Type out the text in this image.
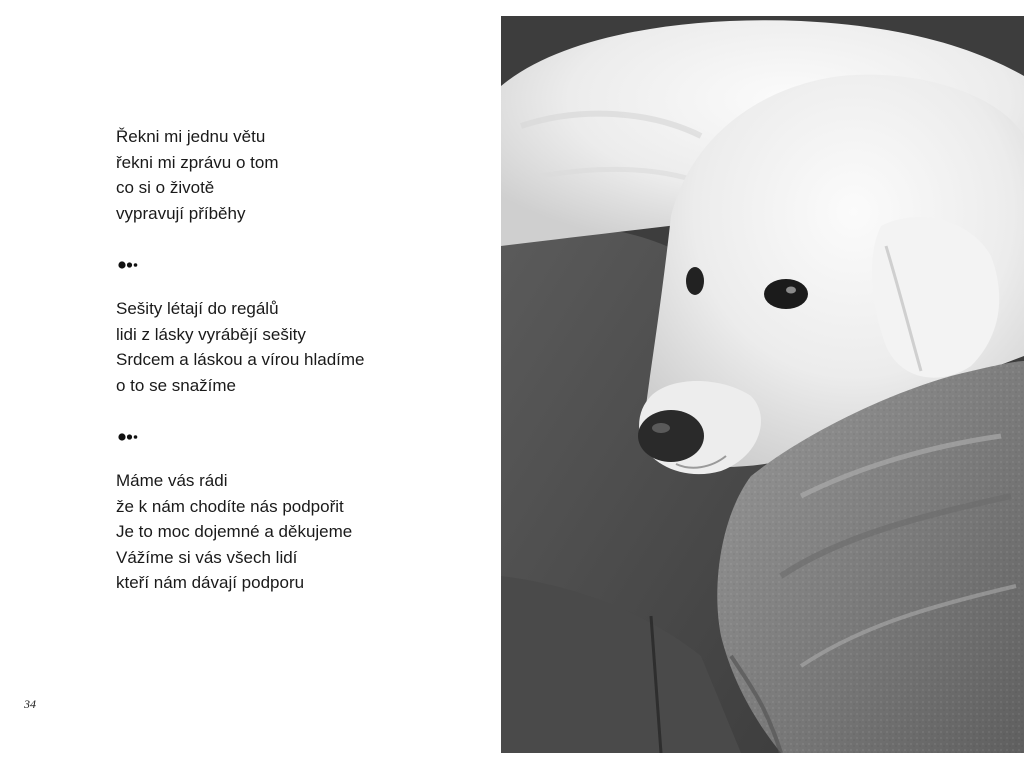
Řekni mi jednu větu
řekni mi zprávu o tom
co si o životě
vypravují příběhy
Sešity létají do regálů
lidi z lásky vyrábějí sešity
Srdcem a láskou a vírou hladíme
o to se snažíme
Máme vás rádi
že k nám chodíte nás podpořit
Je to moc dojemné a děkujeme
Vážíme si vás všech lidí
kteří nám dávají podporu
34
